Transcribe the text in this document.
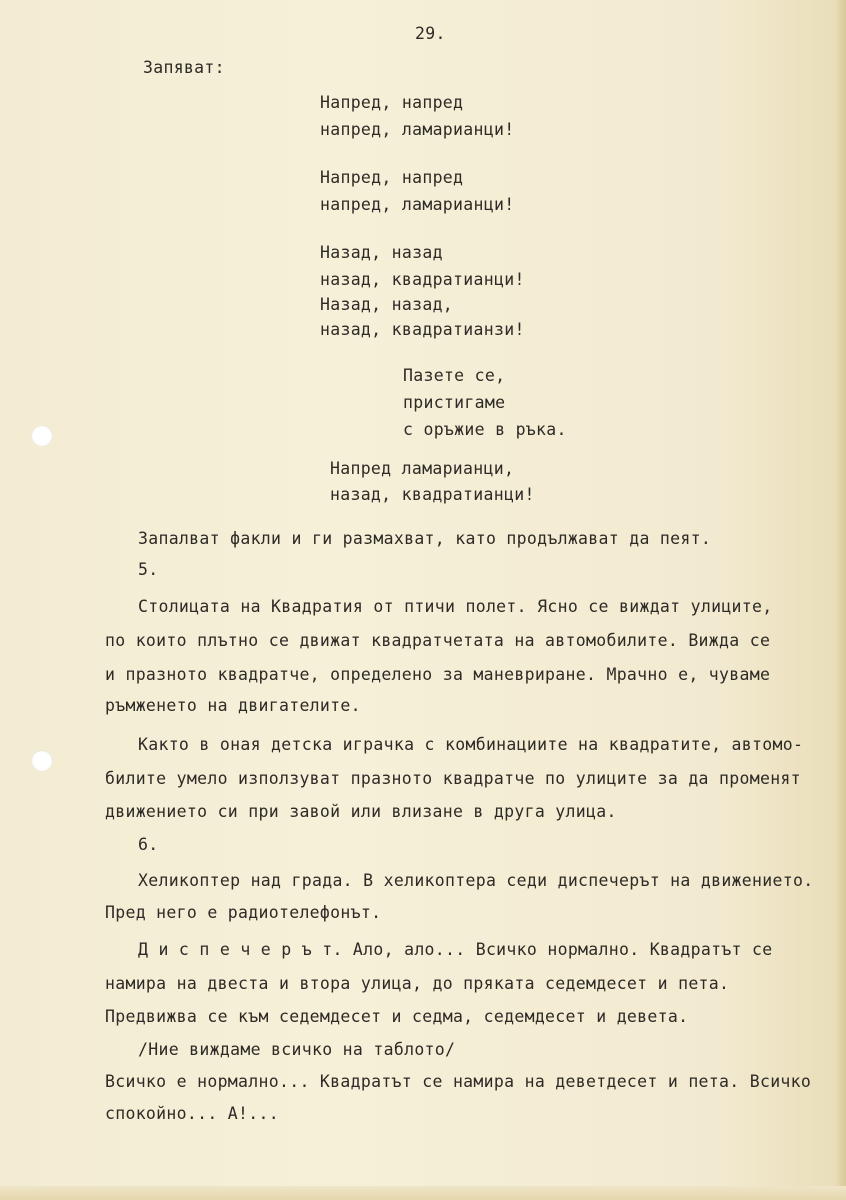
29.
Запяват:
Напред, напред
напред, ламарианци!
Напред, напред
напред, ламарианци!
Назад, назад
назад, квадратианци!
Назад, назад,
назад, квадратианзи!
Пазете се,
пристигаме
с оръжие в ръка.
Напред ламарианци,
назад, квадратианци!
Запалват факли и ги размахват, като продължават да пеят.
5.
Столицата на Квадратия от птичи полет. Ясно се виждат улиците,
по които плътно се движат квадратчетата на автомобилите. Вижда се
и празното квадратче, определено за маневриране. Мрачно е, чуваме
ръмженето на двигателите.
Както в оная детска играчка с комбинациите на квадратите, автомо-
билите умело използуват празното квадратче по улиците за да променят
движението си при завой или влизане в друга улица.
6.
Хеликоптер над града. В хеликоптера седи диспечерът на движението.
Пред него е радиотелефонът.
Д и с п е ч е р ъ т. Ало, ало... Всичко нормално. Квадратът се
намира на двеста и втора улица, до пряката седемдесет и пета.
Предвижва се към седемдесет и седма, седемдесет и девета.
/Ние виждаме всичко на таблото/
Всичко е нормално... Квадратът се намира на деветдесет и пета. Всичко
спокойно... А!...
